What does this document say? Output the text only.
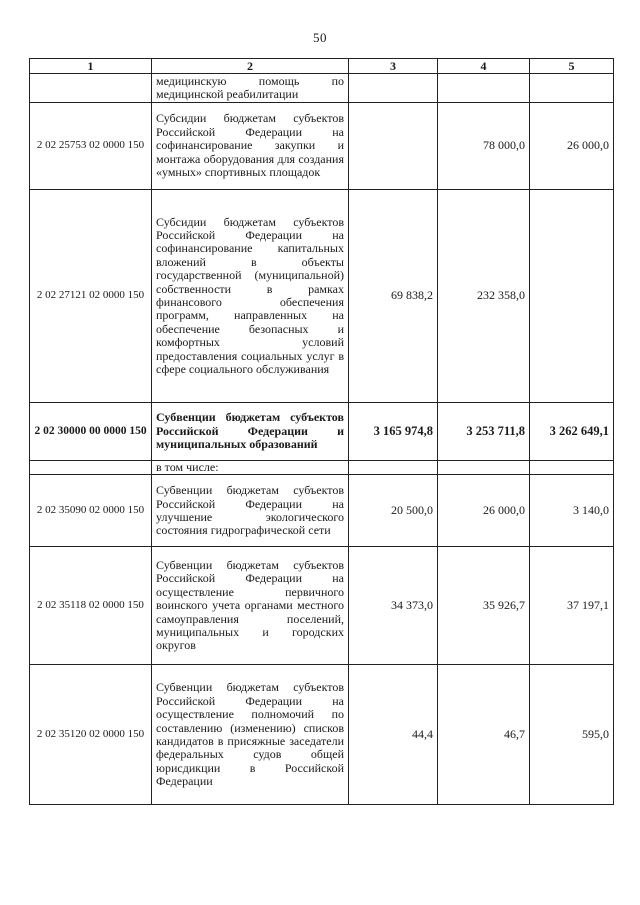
50
1	2	3	4	5
	медицинскую помощь по медицинской реабилитации			
2 02 25753 02 0000 150	Субсидии бюджетам субъектов Российской Федерации на софинансирование закупки и монтажа оборудования для создания «умных» спортивных площадок		78 000,0	26 000,0
2 02 27121 02 0000 150	Субсидии бюджетам субъектов Российской Федерации на софинансирование капитальных вложений в объекты государственной (муниципальной) собственности в рамках финансового обеспечения программ, направленных на обеспечение безопасных и комфортных условий предоставления социальных услуг в сфере социального обслуживания	69 838,2	232 358,0	
2 02 30000 00 0000 150	Субвенции бюджетам субъектов Российской Федерации и муниципальных образований	3 165 974,8	3 253 711,8	3 262 649,1
	в том числе:			
2 02 35090 02 0000 150	Субвенции бюджетам субъектов Российской Федерации на улучшение экологического состояния гидрографической сети	20 500,0	26 000,0	3 140,0
2 02 35118 02 0000 150	Субвенции бюджетам субъектов Российской Федерации на осуществление первичного воинского учета органами местного самоуправления поселений, муниципальных и городских округов	34 373,0	35 926,7	37 197,1
2 02 35120 02 0000 150	Субвенции бюджетам субъектов Российской Федерации на осуществление полномочий по составлению (изменению) списков кандидатов в присяжные заседатели федеральных судов общей юрисдикции в Российской Федерации	44,4	46,7	595,0
